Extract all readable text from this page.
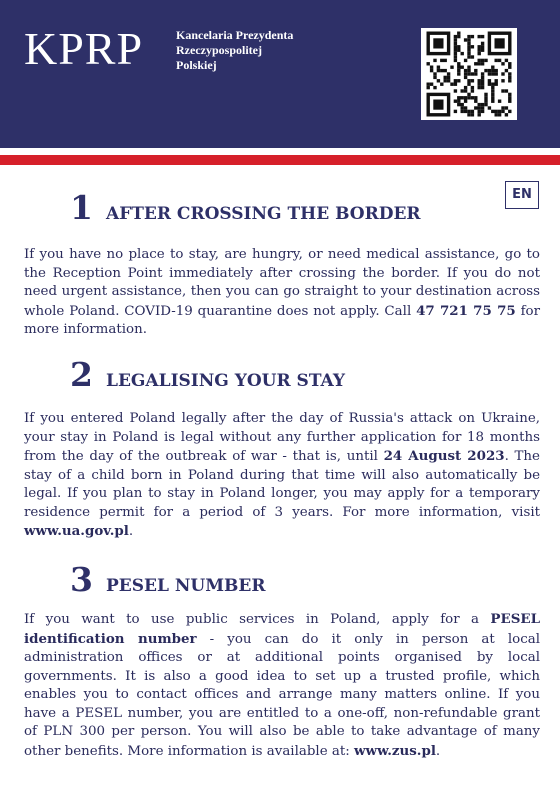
KPRP	Kancelaria Prezydenta
Rzeczypospolitej
Polskiej
EN
1 AFTER CROSSING THE BORDER

If you have no place to stay, are hungry, or need medical assistance, go to the Reception Point immediately after crossing the border. If you do not need urgent assistance, then you can go straight to your destination across whole Poland. COVID-19 quarantine does not apply. Call 47 721 75 75 for more information.

2 LEGALISING YOUR STAY

If you entered Poland legally after the day of Russia's attack on Ukraine, your stay in Poland is legal without any further application for 18 months from the day of the outbreak of war - that is, until 24 August 2023. The stay of a child born in Poland during that time will also automatically be legal. If you plan to stay in Poland longer, you may apply for a temporary residence permit for a period of 3 years. For more information, visit www.ua.gov.pl.

3 PESEL NUMBER

If you want to use public services in Poland, apply for a PESEL identification number - you can do it only in person at local administration offices or at additional points organised by local governments. It is also a good idea to set up a trusted profile, which enables you to contact offices and arrange many matters online. If you have a PESEL number, you are entitled to a one-off, non-refundable grant of PLN 300 per person. You will also be able to take advantage of many other benefits. More information is available at: www.zus.pl.
